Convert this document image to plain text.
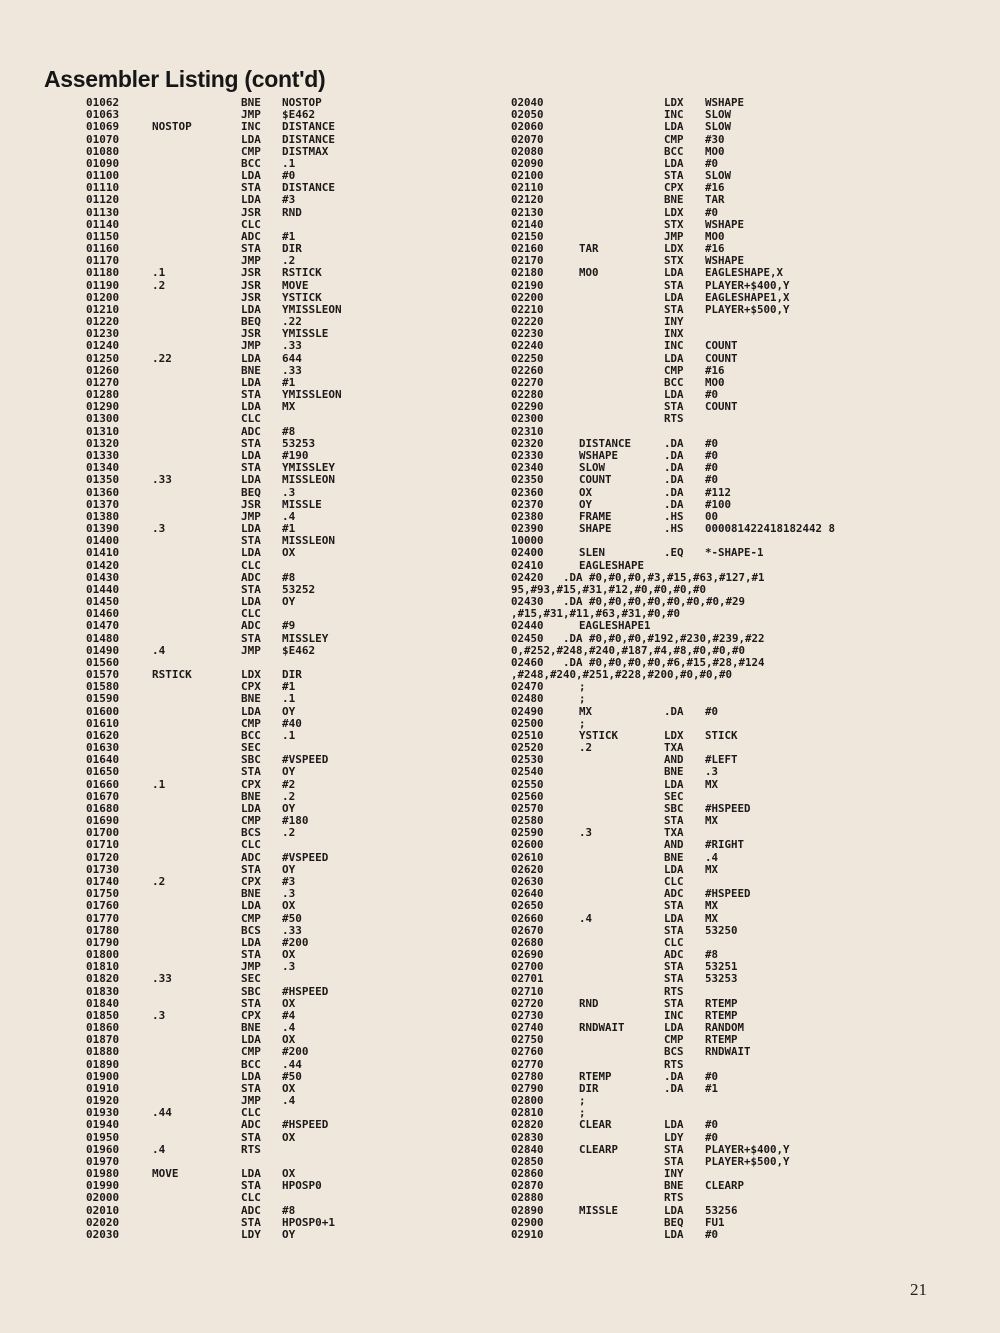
Assembler Listing (cont'd)
01062	BNE NOSTOP
01063	JMP $E462
01069	NOSTOP	INC DISTANCE
01070	LDA DISTANCE
01080	CMP DISTMAX
01090	BCC .1
01100	LDA #0
01110	STA DISTANCE
01120	LDA #3
01130	JSR RND
01140	CLC
01150	ADC #1
01160	STA DIR
01170	JMP .2
01180	.1	JSR RSTICK
01190	.2	JSR MOVE
01200	JSR YSTICK
01210	LDA YMISSLEON
01220	BEQ .22
01230	JSR YMISSLE
01240	JMP .33
01250	.22	LDA 644
01260	BNE .33
01270	LDA #1
01280	STA YMISSLEON
01290	LDA MX
01300	CLC
01310	ADC #8
01320	STA 53253
01330	LDA #190
01340	STA YMISSLEY
01350	.33	LDA MISSLEON
01360	BEQ .3
01370	JSR MISSLE
01380	JMP .4
01390	.3	LDA #1
01400	STA MISSLEON
01410	LDA OX
01420	CLC
01430	ADC #8
01440	STA 53252
01450	LDA OY
01460	CLC
01470	ADC #9
01480	STA MISSLEY
01490	.4	JMP $E462
01560
01570	RSTICK	LDX DIR
01580	CPX #1
01590	BNE .1
01600	LDA OY
01610	CMP #40
01620	BCC .1
01630	SEC
01640	SBC #VSPEED
01650	STA OY
01660	.1	CPX #2
01670	BNE .2
01680	LDA OY
01690	CMP #180
01700	BCS .2
01710	CLC
01720	ADC #VSPEED
01730	STA OY
01740	.2	CPX #3
01750	BNE .3
01760	LDA OX
01770	CMP #50
01780	BCS .33
01790	LDA #200
01800	STA OX
01810	JMP .3
01820	.33	SEC
01830	SBC #HSPEED
01840	STA OX
01850	.3	CPX #4
01860	BNE .4
01870	LDA OX
01880	CMP #200
01890	BCC .44
01900	LDA #50
01910	STA OX
01920	JMP .4
01930	.44	CLC
01940	ADC #HSPEED
01950	STA OX
01960	.4	RTS
01970
01980	MOVE	LDA OX
01990	STA HPOSP0
02000	CLC
02010	ADC #8
02020	STA HPOSP0+1
02030	LDY OY
02040	LDX WSHAPE
02050	INC SLOW
02060	LDA SLOW
02070	CMP #30
02080	BCC MO0
02090	LDA #0
02100	STA SLOW
02110	CPX #16
02120	BNE TAR
02130	LDX #0
02140	STX WSHAPE
02150	JMP MO0
02160	TAR	LDX #16
02170	STX WSHAPE
02180	MO0	LDA EAGLESHAPE,X
02190	STA PLAYER+$400,Y
02200	LDA EAGLESHAPE1,X
02210	STA PLAYER+$500,Y
02220	INY
02230	INX
02240	INC COUNT
02250	LDA COUNT
02260	CMP #16
02270	BCC MO0
02280	LDA #0
02290	STA COUNT
02300	RTS
02310
02320	DISTANCE	.DA #0
02330	WSHAPE	.DA #0
02340	SLOW	.DA #0
02350	COUNT	.DA #0
02360	OX	.DA #112
02370	OY	.DA #100
02380	FRAME	.HS 00
02390	SHAPE	.HS 000081422418182442 8
10000
02400	SLEN	.EQ *-SHAPE-1
02410	EAGLESHAPE
02420   .DA #0,#0,#0,#3,#15,#63,#127,#1
95,#93,#15,#31,#12,#0,#0,#0,#0
02430   .DA #0,#0,#0,#0,#0,#0,#0,#29
,#15,#31,#11,#63,#31,#0,#0
02440	EAGLESHAPE1
02450   .DA #0,#0,#0,#192,#230,#239,#22
0,#252,#248,#240,#187,#4,#8,#0,#0,#0
02460   .DA #0,#0,#0,#0,#6,#15,#28,#124
,#248,#240,#251,#228,#200,#0,#0,#0
02470	;
02480	;
02490	MX	.DA #0
02500	;
02510	YSTICK	LDX STICK
02520	.2	TXA
02530	AND #LEFT
02540	BNE .3
02550	LDA MX
02560	SEC
02570	SBC #HSPEED
02580	STA MX
02590	.3	TXA
02600	AND #RIGHT
02610	BNE .4
02620	LDA MX
02630	CLC
02640	ADC #HSPEED
02650	STA MX
02660	.4	LDA MX
02670	STA 53250
02680	CLC
02690	ADC #8
02700	STA 53251
02701	STA 53253
02710	RTS
02720	RND	STA RTEMP
02730	INC RTEMP
02740	RNDWAIT	LDA RANDOM
02750	CMP RTEMP
02760	BCS RNDWAIT
02770	RTS
02780	RTEMP	.DA #0
02790	DIR	.DA #1
02800	;
02810	;
02820	CLEAR	LDA #0
02830	LDY #0
02840	CLEARP	STA PLAYER+$400,Y
02850	STA PLAYER+$500,Y
02860	INY
02870	BNE CLEARP
02880	RTS
02890	MISSLE	LDA 53256
02900	BEQ FU1
02910	LDA #0
21
